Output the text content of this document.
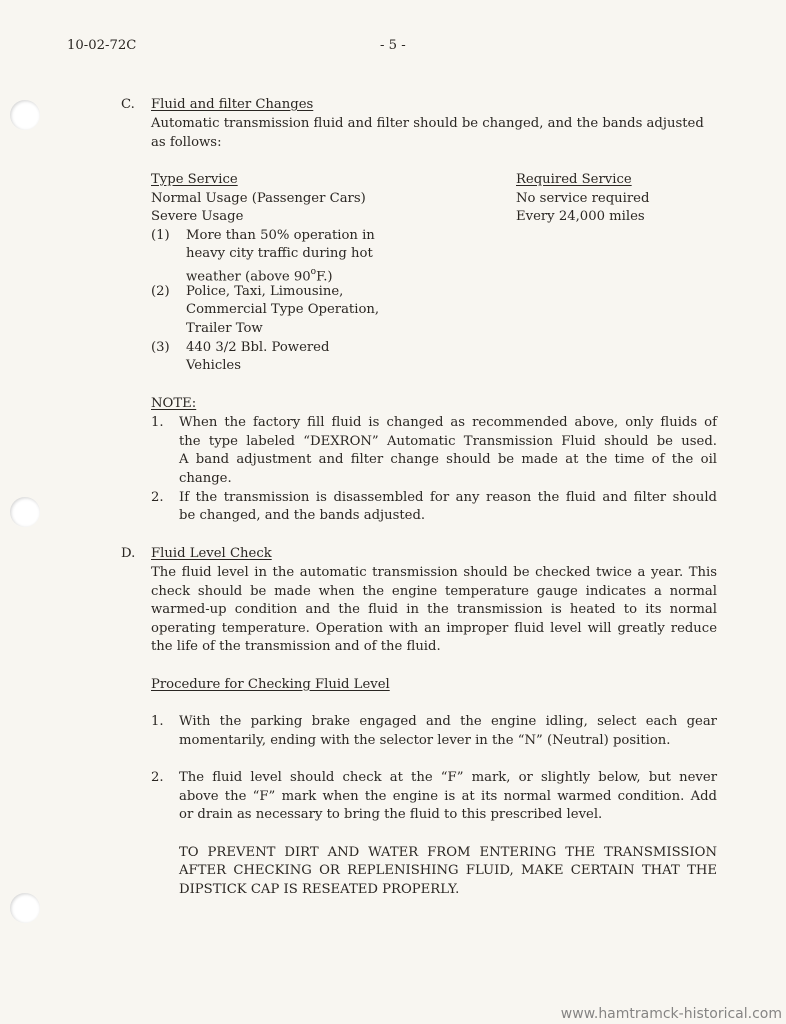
10-02-72C	- 5 -
C. Fluid and filter Changes
Automatic transmission fluid and filter should be changed, and the bands adjusted
as follows:
Type Service	Required Service
Normal Usage (Passenger Cars)	No service required
Severe Usage	Every 24,000 miles
(1) More than 50% operation in
heavy city traffic during hot
weather (above 90$^o$F.)
(2) Police, Taxi, Limousine,
Commercial Type Operation,
Trailer Tow
(3) 440 3/2 Bbl. Powered
Vehicles
NOTE:
1. When the factory fill fluid is changed as recommended above, only fluids of
the type labeled “DEXRON” Automatic Transmission Fluid should be used.
A band adjustment and filter change should be made at the time of the oil
change.
2. If the transmission is disassembled for any reason the fluid and filter should
be changed, and the bands adjusted.
D. Fluid Level Check
The fluid level in the automatic transmission should be checked twice a year. This
check should be made when the engine temperature gauge indicates a normal
warmed-up condition and the fluid in the transmission is heated to its normal
operating temperature. Operation with an improper fluid level will greatly reduce
the life of the transmission and of the fluid.
Procedure for Checking Fluid Level
1. With the parking brake engaged and the engine idling, select each gear
momentarily, ending with the selector lever in the “N” (Neutral) position.
2. The fluid level should check at the “F” mark, or slightly below, but never
above the “F” mark when the engine is at its normal warmed condition. Add
or drain as necessary to bring the fluid to this prescribed level.
TO PREVENT DIRT AND WATER FROM ENTERING THE TRANSMISSION
AFTER CHECKING OR REPLENISHING FLUID, MAKE CERTAIN THAT THE
DIPSTICK CAP IS RESEATED PROPERLY.
www.hamtramck-historical.com
